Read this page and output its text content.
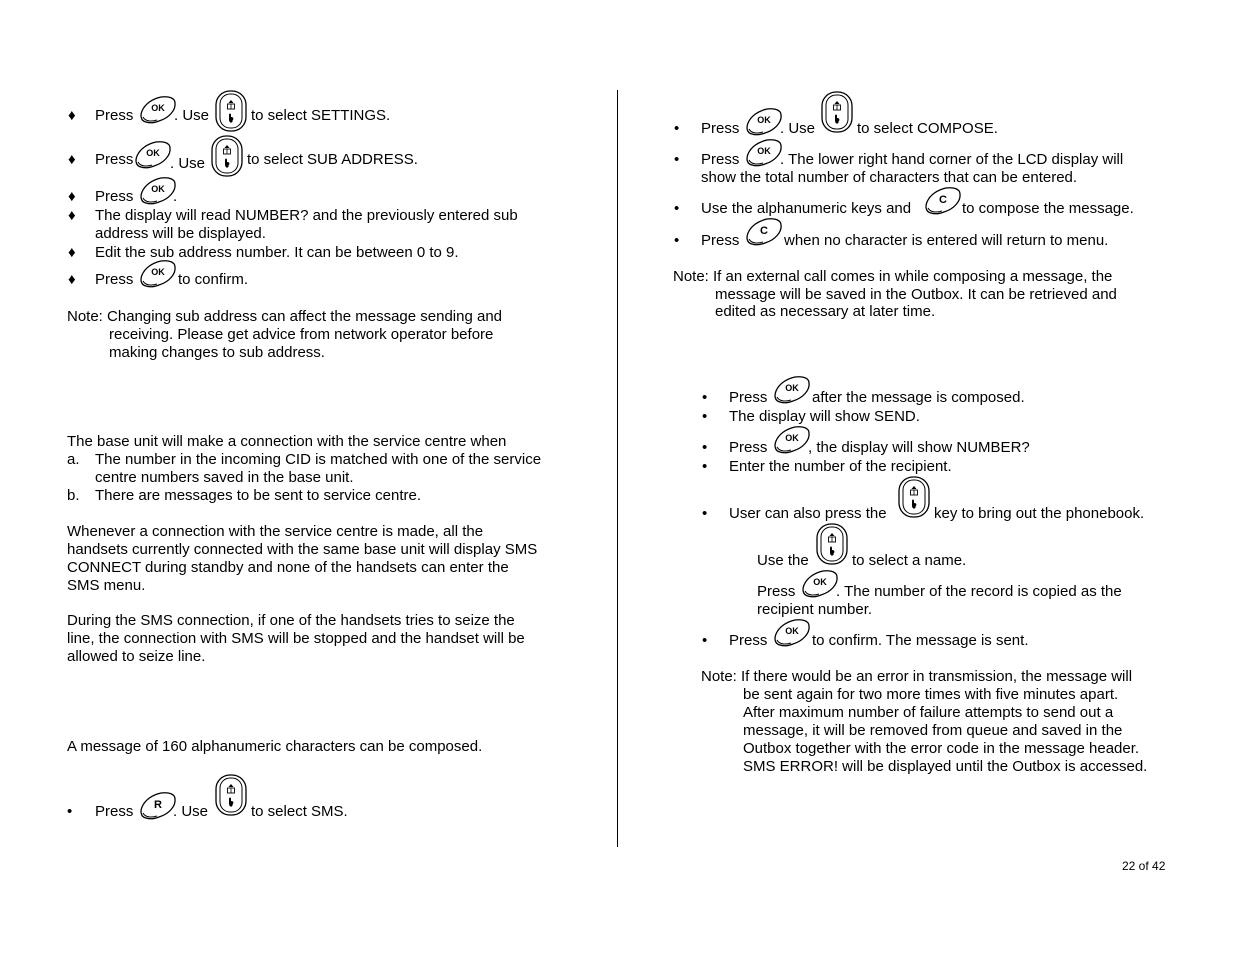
♦ Press OK . Use	to select SETTINGS.
♦ Press OK
. Use	to select SUB ADDRESS.
♦ Press OK .
♦ The display will read NUMBER? and the previously entered sub
address will be displayed.
♦ Edit the sub address number. It can be between 0 to 9.
♦ Press OK to confirm.
Note: Changing sub address can affect the message sending and
receiving. Please get advice from network operator before
making changes to sub address.
The base unit will make a connection with the service centre when
a. The number in the incoming CID is matched with one of the service
centre numbers saved in the base unit.
b. There are messages to be sent to service centre.
Whenever a connection with the service centre is made, all the
handsets currently connected with the same base unit will display SMS
CONNECT during standby and none of the handsets can enter the
SMS menu.
During the SMS connection, if one of the handsets tries to seize the
line, the connection with SMS will be stopped and the handset will be
allowed to seize line.
A message of 160 alphanumeric characters can be composed.
• Press R . Use	to select SMS.
• Press OK . Use	to select COMPOSE.
• Press OK . The lower right hand corner of the LCD display will
show the total number of characters that can be entered.
• Use the alphanumeric keys and	C to compose the message.
• Press
C
when no character is entered will return to menu.
Note: If an external call comes in while composing a message, the
message will be saved in the Outbox. It can be retrieved and
edited as necessary at later time.
• Press
OK
after the message is composed.
• The display will show SEND.
• Press
OK
, the display will show NUMBER?
• Enter the number of the recipient.
• User can also press the	key to bring out the phonebook.
Use the	to select a name.
Press
OK
. The number of the record is copied as the
recipient number.
• Press
OK
to confirm. The message is sent.
Note: If there would be an error in transmission, the message will
be sent again for two more times with five minutes apart.
After maximum number of failure attempts to send out a
message, it will be removed from queue and saved in the
Outbox together with the error code in the message header.
SMS ERROR! will be displayed until the Outbox is accessed.
22 of 42
